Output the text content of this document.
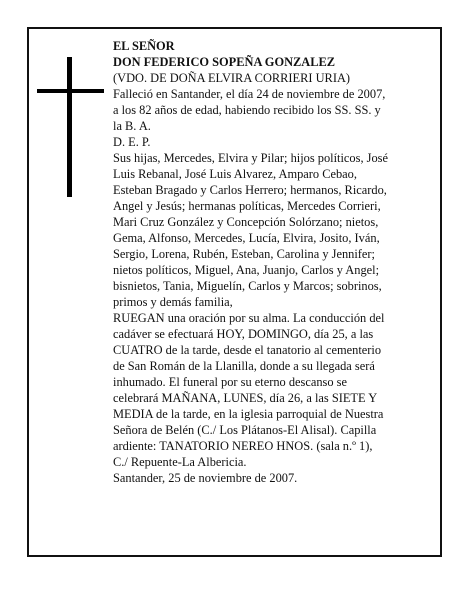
EL SEÑOR
DON FEDERICO SOPEÑA GONZALEZ
(VDO. DE DOÑA ELVIRA CORRIERI URIA)
Falleció en Santander, el día 24 de noviembre de 2007,
a los 82 años de edad, habiendo recibido los SS. SS. y
la B. A.
D. E. P.
Sus hijas, Mercedes, Elvira y Pilar; hijos políticos, José
Luis Rebanal, José Luis Alvarez, Amparo Cebao,
Esteban Bragado y Carlos Herrero; hermanos, Ricardo,
Angel y Jesús; hermanas políticas, Mercedes Corrieri,
Mari Cruz González y Concepción Solórzano; nietos,
Gema, Alfonso, Mercedes, Lucía, Elvira, Josito, Iván,
Sergio, Lorena, Rubén, Esteban, Carolina y Jennifer;
nietos políticos, Miguel, Ana, Juanjo, Carlos y Angel;
bisnietos, Tania, Miguelín, Carlos y Marcos; sobrinos,
primos y demás familia,
RUEGAN una oración por su alma. La conducción del
cadáver se efectuará HOY, DOMINGO, día 25, a las
CUATRO de la tarde, desde el tanatorio al cementerio
de San Román de la Llanilla, donde a su llegada será
inhumado. El funeral por su eterno descanso se
celebrará MAÑANA, LUNES, día 26, a las SIETE Y
MEDIA de la tarde, en la iglesia parroquial de Nuestra
Señora de Belén (C./ Los Plátanos-El Alisal). Capilla
ardiente: TANATORIO NEREO HNOS. (sala n.º 1),
C./ Repuente-La Albericia.
Santander, 25 de noviembre de 2007.
